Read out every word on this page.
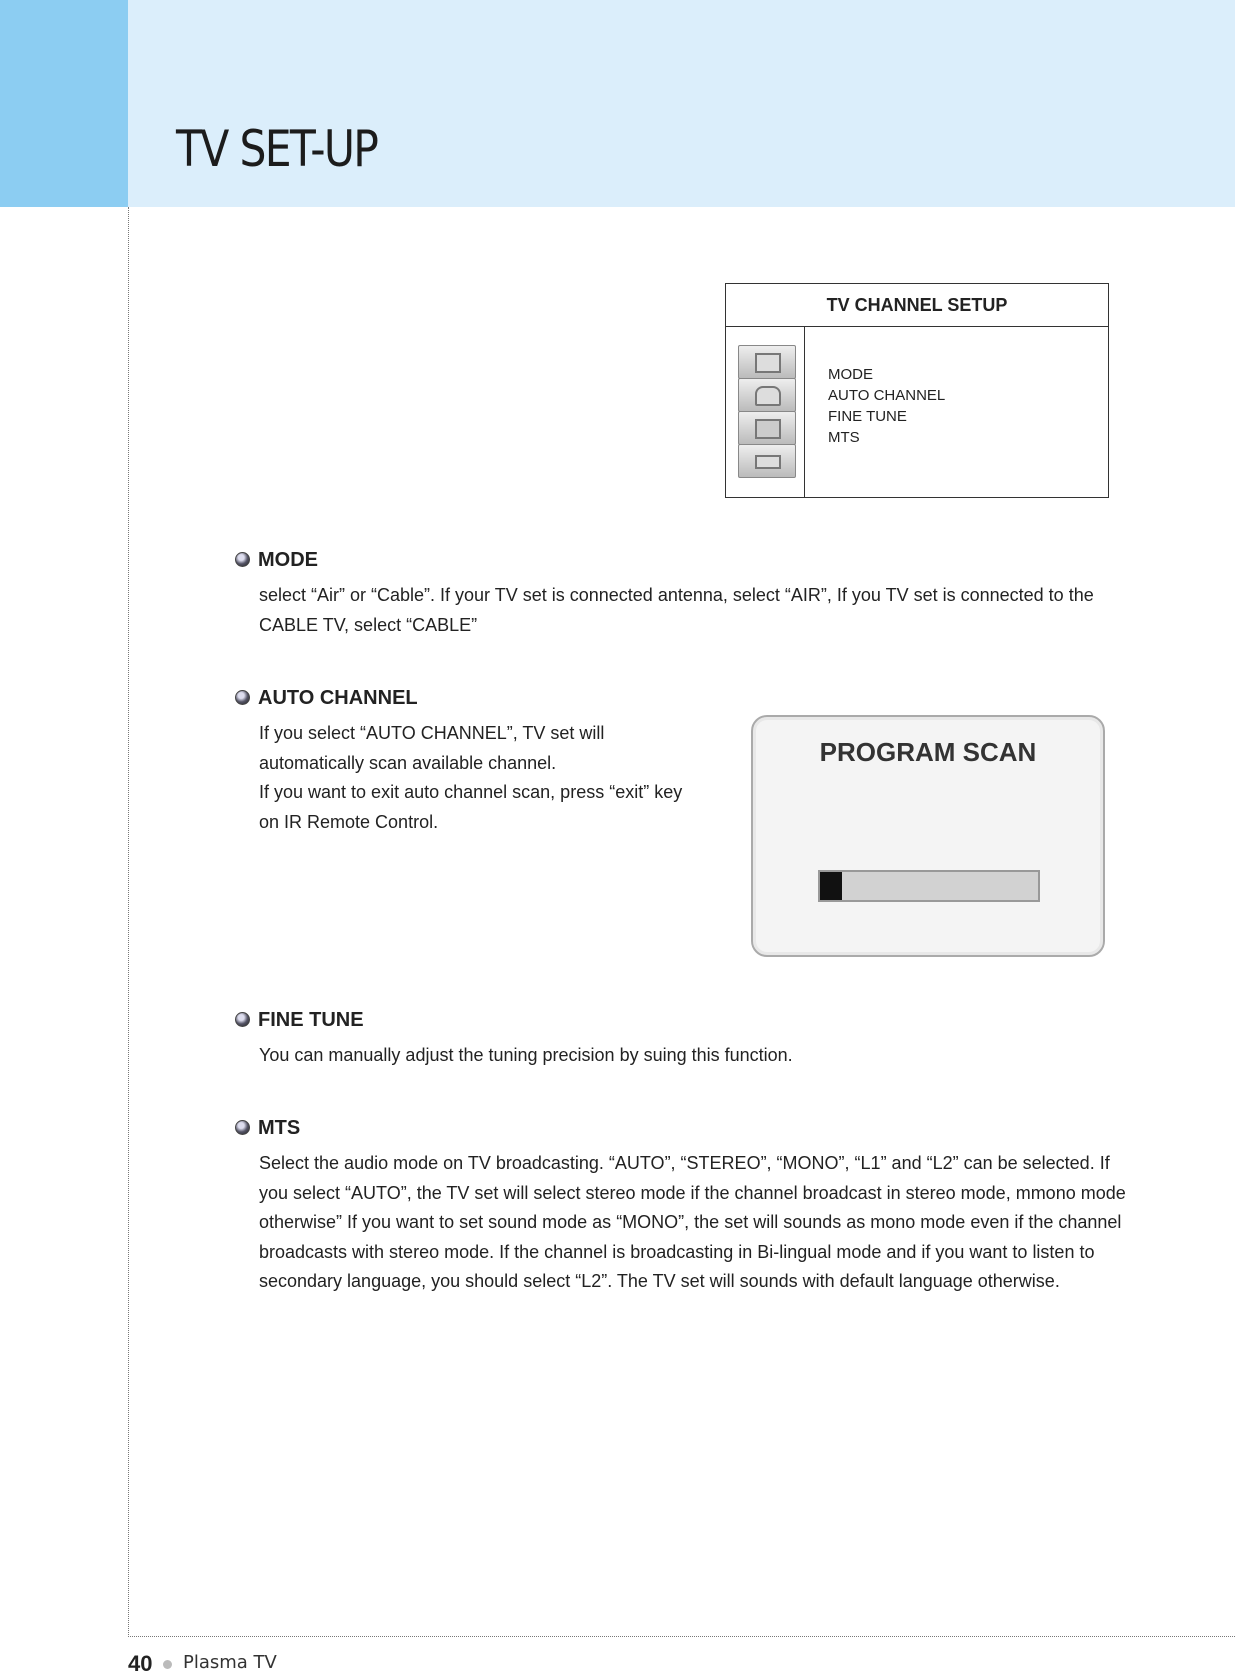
TV SET-UP
TV CHANNEL SETUP
MODE
AUTO CHANNEL
FINE TUNE
MTS
MODE
select “Air” or “Cable”. If your TV set is connected antenna, select “AIR”, If you TV set is connected to the
CABLE TV, select “CABLE”
AUTO CHANNEL
If you select “AUTO CHANNEL”, TV set will
automatically scan available channel.
If you want to exit auto channel scan, press “exit” key
on IR Remote Control.
PROGRAM SCAN
FINE TUNE
You can manually adjust the tuning precision by suing this function.
MTS
Select the audio mode on TV broadcasting. “AUTO”, “STEREO”, “MONO”, “L1” and “L2” can be selected. If
you select “AUTO”, the TV set will select stereo mode if the channel broadcast in stereo mode, mmono mode
otherwise” If you want to set sound mode as “MONO”, the set will sounds as mono mode even if the channel
broadcasts with stereo mode. If the channel is broadcasting in Bi-lingual mode and if you want to listen to
secondary language, you should select “L2”. The TV set will sounds with default language otherwise.
40 Plasma TV
